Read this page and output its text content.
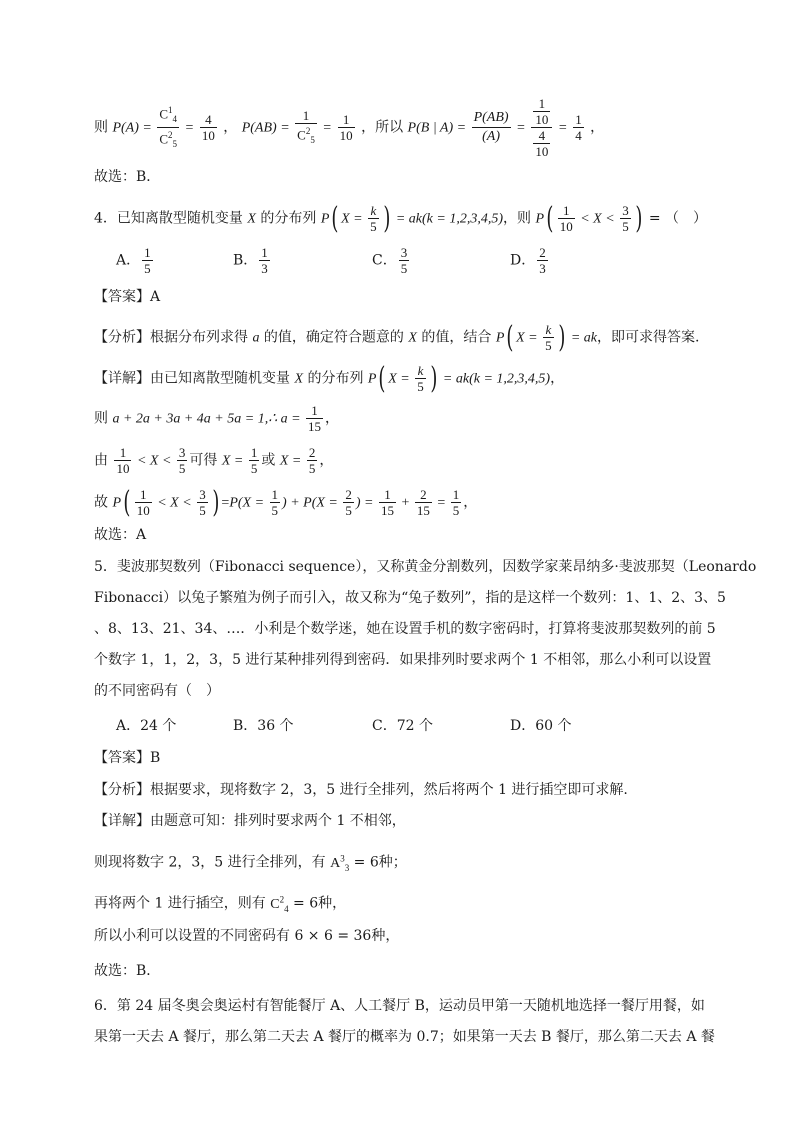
则 $P(A) = \frac{C^1_4}{C^2_5} = \frac{4}{10}$ ， $P(AB) = \frac{1}{C^2_5} = \frac{1}{10}$ ，所以 P(B | $A) = \frac{P(AB)}{(A)} = \frac{\frac{1}{10}}{\frac{4}{10}} = \frac{1}{4}$ ，
故选：B．
4．已知离散型随机变量 X 的分布列 P( $X = \frac{k}{5}$ ) = ak(k = 1,2,3,4,5)，则 $P( \frac{1}{10} < X < \frac{3}{5}$ ) = （　）
A． $\frac{1}{5}$	B． $\frac{1}{3}$	C． $\frac{3}{5}$	D． $\frac{2}{3}$
【答案】A
【分析】根据分布列求得 a 的值，确定符合题意的 X 的值，结合 P( $X = \frac{k}{5}$ ) = ak，即可求得答案.
【详解】由已知离散型随机变量 X 的分布列 P( $X = \frac{k}{5}$ ) = ak(k = 1,2,3,4,5)，
则 a + 2a + 3a + 4a + 5a = 1,∴ $a = \frac{1}{15}$ ，
由 $\frac{1}{10} < X < \frac{3}{5}$ 可得 $X = \frac{1}{5}$ 或 $X = \frac{2}{5}$ ，
故 $P( \frac{1}{10} < X < \frac{3}{5}$ ) $=P(X = \frac{1}{5}$ ) + $P(X = \frac{2}{5}$ ) = $\frac{1}{15} + \frac{2}{15} = \frac{1}{5}$ ，
故选：A
5．斐波那契数列（Fibonacci sequence），又称黄金分割数列，因数学家莱昂纳多·斐波那契（Leonardo
Fibonacci）以兔子繁殖为例子而引入，故又称为“兔子数列”，指的是这样一个数列：1、1、2、3、5
、8、13、21、34、…．小利是个数学迷，她在设置手机的数字密码时，打算将斐波那契数列的前 5
个数字 1，1，2，3，5 进行某种排列得到密码．如果排列时要求两个 1 不相邻，那么小利可以设置
的不同密码有（　）
A．24 个	B．36 个	C．72 个	D．60 个
【答案】B
【分析】根据要求，现将数字 2，3，5 进行全排列，然后将两个 1 进行插空即可求解.
【详解】由题意可知：排列时要求两个 1 不相邻，
则现将数字 2，3，5 进行全排列，有 $A^3_3 = 6$种；
再将两个 1 进行插空，则有 $C^2_4 = 6$种，
所以小利可以设置的不同密码有 6 × 6 = 36种，
故选：B．
6．第 24 届冬奥会奥运村有智能餐厅 A、人工餐厅 B，运动员甲第一天随机地选择一餐厅用餐，如
果第一天去 A 餐厅，那么第二天去 A 餐厅的概率为 0.7；如果第一天去 B 餐厅，那么第二天去 A 餐
